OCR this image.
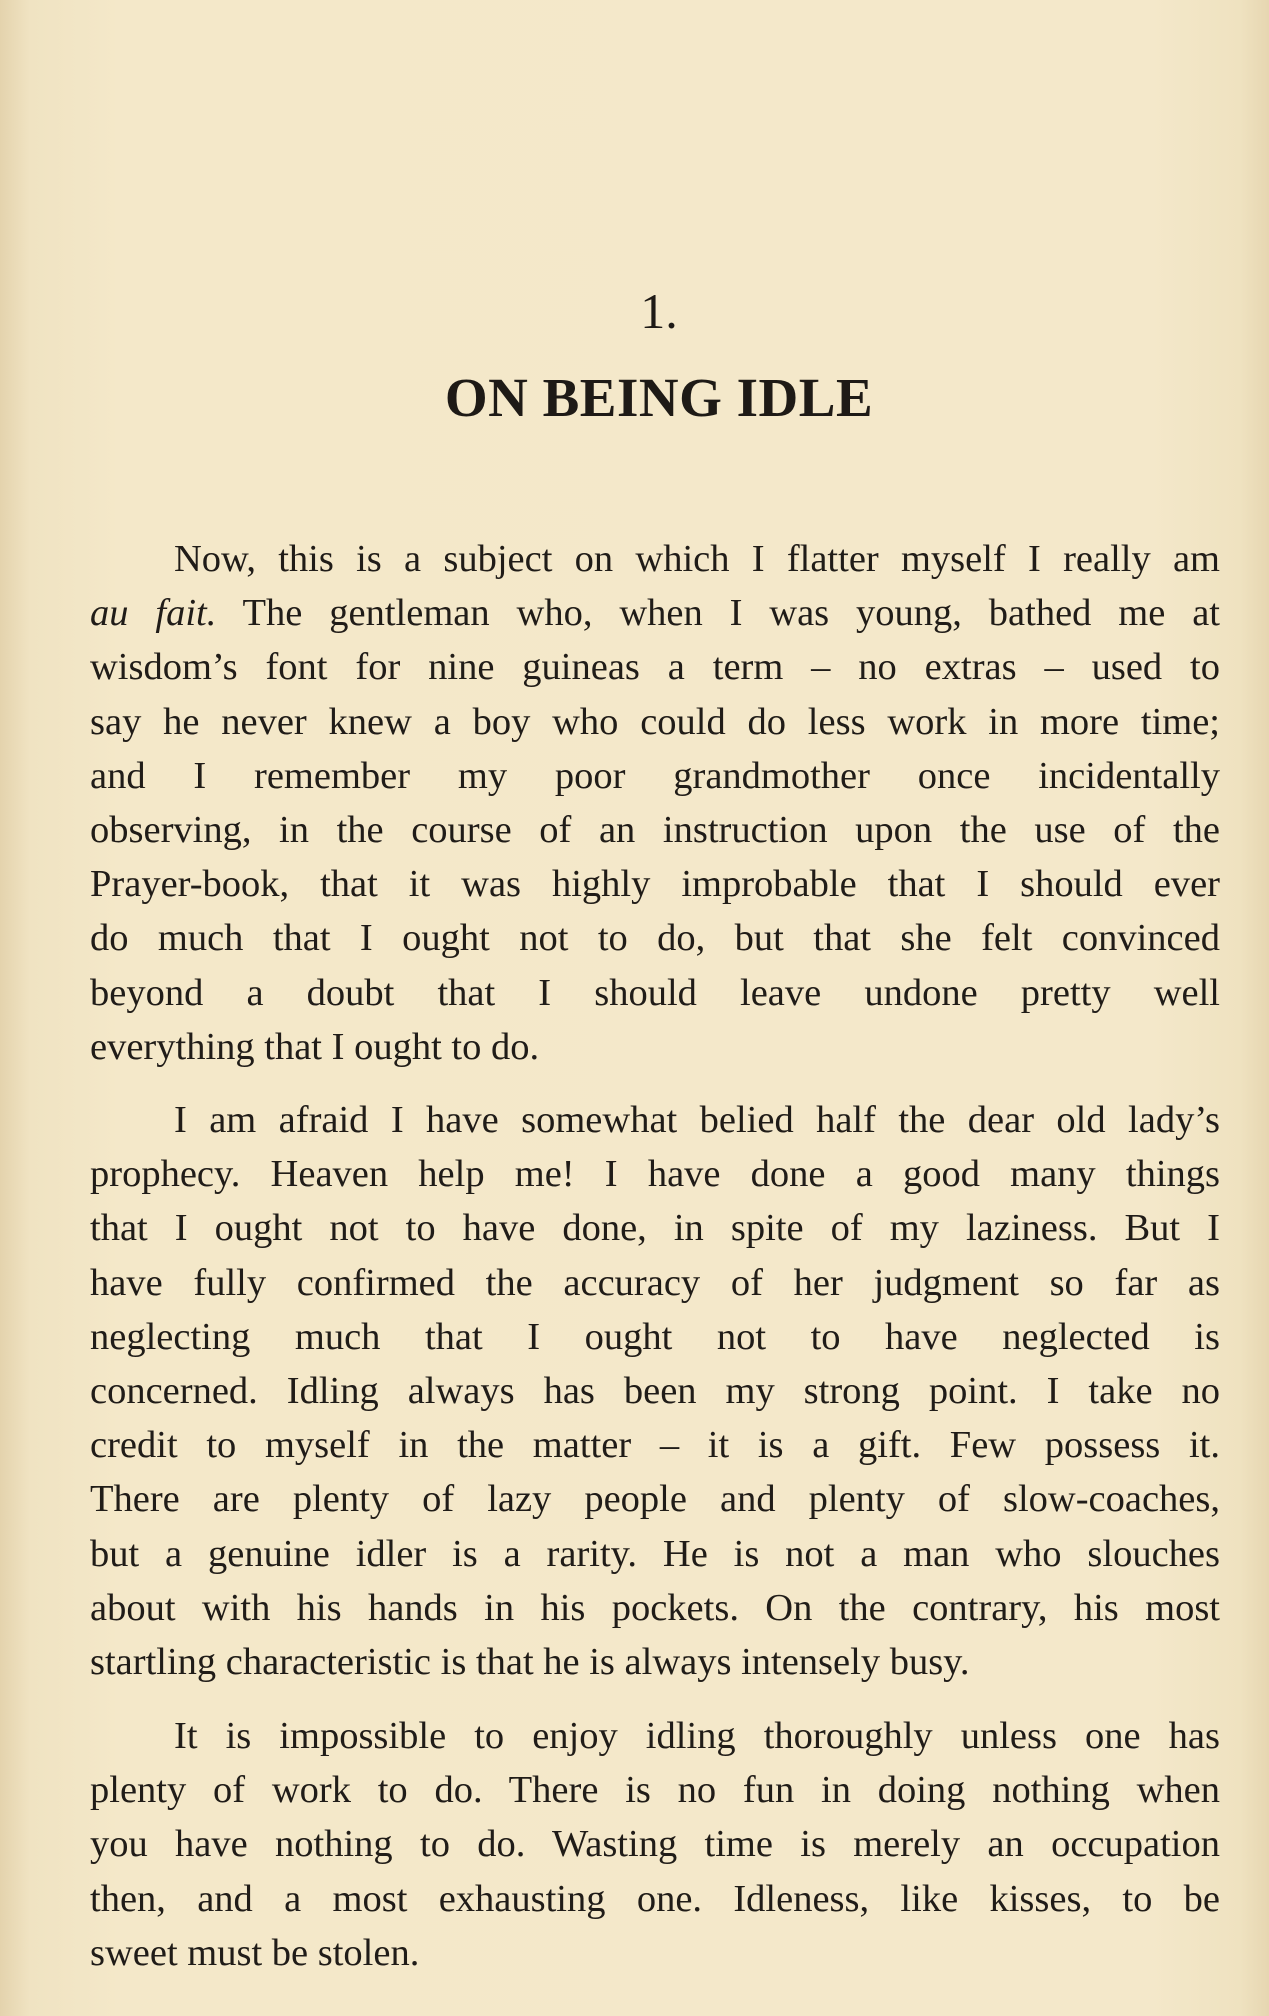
1.
ON BEING IDLE
Now, this is a subject on which I flatter myself I really am
au fait. The gentleman who, when I was young, bathed me at
wisdom’s font for nine guineas a term – no extras – used to
say he never knew a boy who could do less work in more time;
and I remember my poor grandmother once incidentally
observing, in the course of an instruction upon the use of the
Prayer-book, that it was highly improbable that I should ever
do much that I ought not to do, but that she felt convinced
beyond a doubt that I should leave undone pretty well
everything that I ought to do.
I am afraid I have somewhat belied half the dear old lady’s
prophecy. Heaven help me! I have done a good many things
that I ought not to have done, in spite of my laziness. But I
have fully confirmed the accuracy of her judgment so far as
neglecting much that I ought not to have neglected is
concerned. Idling always has been my strong point. I take no
credit to myself in the matter – it is a gift. Few possess it.
There are plenty of lazy people and plenty of slow-coaches,
but a genuine idler is a rarity. He is not a man who slouches
about with his hands in his pockets. On the contrary, his most
startling characteristic is that he is always intensely busy.
It is impossible to enjoy idling thoroughly unless one has
plenty of work to do. There is no fun in doing nothing when
you have nothing to do. Wasting time is merely an occupation
then, and a most exhausting one. Idleness, like kisses, to be
sweet must be stolen.
